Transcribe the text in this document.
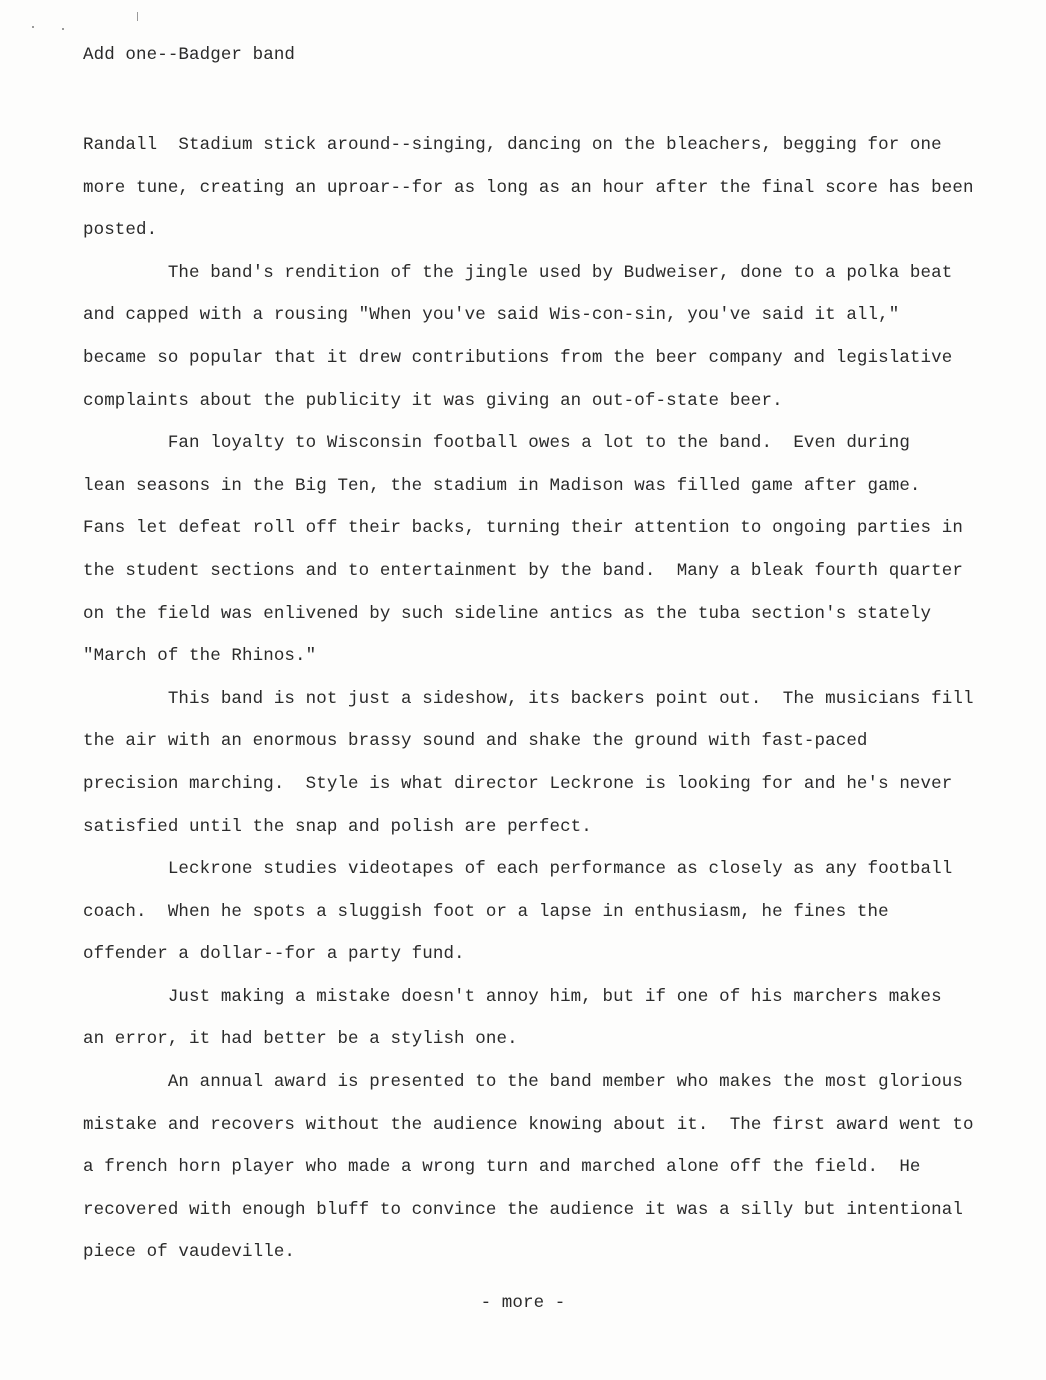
Add one--Badger band
Randall  Stadium stick around--singing, dancing on the bleachers, begging for one
more tune, creating an uproar--for as long as an hour after the final score has been
posted.
The band's rendition of the jingle used by Budweiser, done to a polka beat
and capped with a rousing "When you've said Wis-con-sin, you've said it all,"
became so popular that it drew contributions from the beer company and legislative
complaints about the publicity it was giving an out-of-state beer.
Fan loyalty to Wisconsin football owes a lot to the band.  Even during
lean seasons in the Big Ten, the stadium in Madison was filled game after game.
Fans let defeat roll off their backs, turning their attention to ongoing parties in
the student sections and to entertainment by the band.  Many a bleak fourth quarter
on the field was enlivened by such sideline antics as the tuba section's stately
"March of the Rhinos."
This band is not just a sideshow, its backers point out.  The musicians fill
the air with an enormous brassy sound and shake the ground with fast-paced
precision marching.  Style is what director Leckrone is looking for and he's never
satisfied until the snap and polish are perfect.
Leckrone studies videotapes of each performance as closely as any football
coach.  When he spots a sluggish foot or a lapse in enthusiasm, he fines the
offender a dollar--for a party fund.
Just making a mistake doesn't annoy him, but if one of his marchers makes
an error, it had better be a stylish one.
An annual award is presented to the band member who makes the most glorious
mistake and recovers without the audience knowing about it.  The first award went to
a french horn player who made a wrong turn and marched alone off the field.  He
recovered with enough bluff to convince the audience it was a silly but intentional
piece of vaudeville.
- more -
